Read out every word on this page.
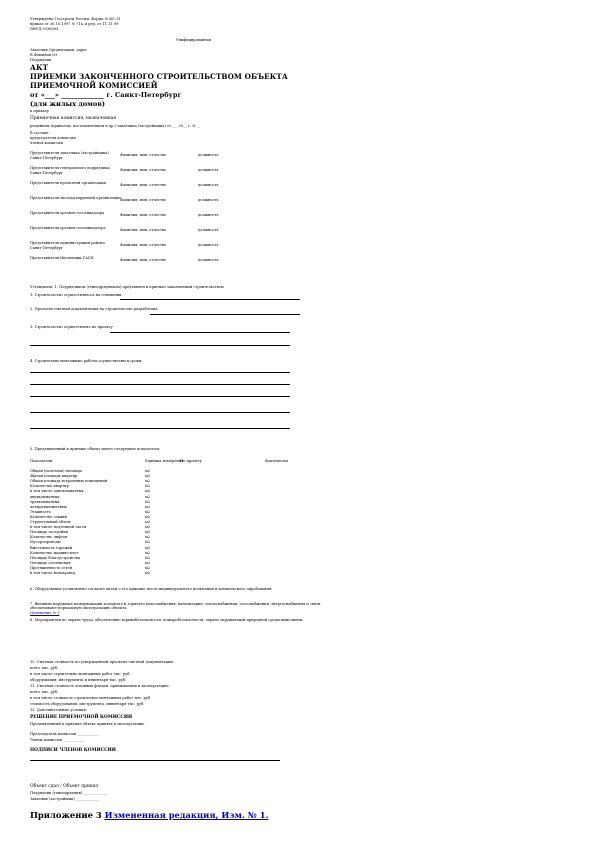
Утверждена Госстроем России. Форма № КС-11
приказ от 30.10.1997 № 71а, в ред. от 11.11.99
ОКУД 0336003
Унифицированная
Заказчик Организация, адрес
В Фамилия От
Подрядчик
АКТ
ПРИЕМКИ ЗАКОНЧЕННОГО СТРОИТЕЛЬСТВОМ ОБЪЕКТА
ПРИЕМОЧНОЙ КОМИССИЕЙ
от «___» _____________ г. Санкт-Петербург
(для жилых домов)
к приказу
Приемочная комиссия, назначенная
решением (приказом, постановлением и др.) заказчика (застройщика) от ___ 20__ г. № __
В составе:
председателя комиссии
членов комиссии
Представителя заказчика (застройщика)
Санкт-Петербург
Фамилия, имя, отчество	должность
Представителя генерального подрядчика
Санкт-Петербург
Фамилия, имя, отчество	должность
Представителя проектной организации	Фамилия, имя, отчество	должность
Представителя эксплуатирующей организации Фамилия, имя, отчество	должность
Представителя органов госсаннадзора	Фамилия, имя, отчество	должность
Представителя органов госпожнадзора	Фамилия, имя, отчество	должность
Представителя администрации района
Санкт-Петербург
Фамилия, имя, отчество	должность
Представителя Инспекции ГАСН	Фамилия, имя, отчество	должность
Установила: 1. Подрядчиком (генподрядчиком) предъявлен к приемке законченный строительством
1. Строительство осуществлялось на основании
2. Проектно-сметная документация на строительство разработана
3. Строительство осуществлено по проекту
4. Строительно-монтажные работы осуществлены в сроки:
5. Предъявленный к приемке объект имеет следующие показатели:
Показатели	Единица измерения
По проекту	Фактически
Общая (полезная) площадь	м2
Жилая площадь квартир	м2
Общая площадь встроенных помещений	м2
Количество квартир	м2
в том числе однокомнатных	м2
двухкомнатных	м2
трехкомнатных	м2
четырехкомнатных	м2
Этажность	м2
Количество секций	м2
Строительный объем	м2
в том числе подземной части	м2
Площадь застройки	м2
Количество лифтов	м2
Мусоропроводы	м2
Вместимость гаражей	м2
Количество машино-мест	м2
Площадь благоустройства	м2
Площадь озеленения	м2
Протяженность сетей	м2
в том числе водопровод	м2
6. Оборудование установлено согласно актам о его приемке после индивидуального испытания и комплексного опробования.
7. Внешние наружные коммуникации холодного и горячего водоснабжения, канализации, теплоснабжения, газоснабжения, энергоснабжения и связи обеспечивают нормальную эксплуатацию объекта.
Изменение № 1
8. Мероприятия по охране труда, обеспечению взрывобезопасности, пожаробезопасности, охране окружающей природной среды выполнены.
10. Сметная стоимость по утвержденной проектно-сметной документации:
всего тыс. руб.
в том числе строительно-монтажных работ тыс. руб.
оборудования, инструмента и инвентаря тыс. руб.
11. Сметная стоимость основных фондов, принимаемых в эксплуатацию:
всего тыс. руб.
в том числе стоимость строительно-монтажных работ тыс. руб.
стоимость оборудования, инструмента, инвентаря тыс. руб.
12. Дополнительные условия:
РЕШЕНИЕ ПРИЕМОЧНОЙ КОМИССИИ
Предъявленный к приемке объект принять в эксплуатацию.
Председатель комиссии ____________
Члены комиссии ____________
ПОДПИСИ ЧЛЕНОВ КОМИССИИ
Объект сдал / Объект принял
Подрядчик (генподрядчик) _____________
Заказчик (застройщик) _____________
Приложение 3 Измененная редакция, Изм. № 1.
